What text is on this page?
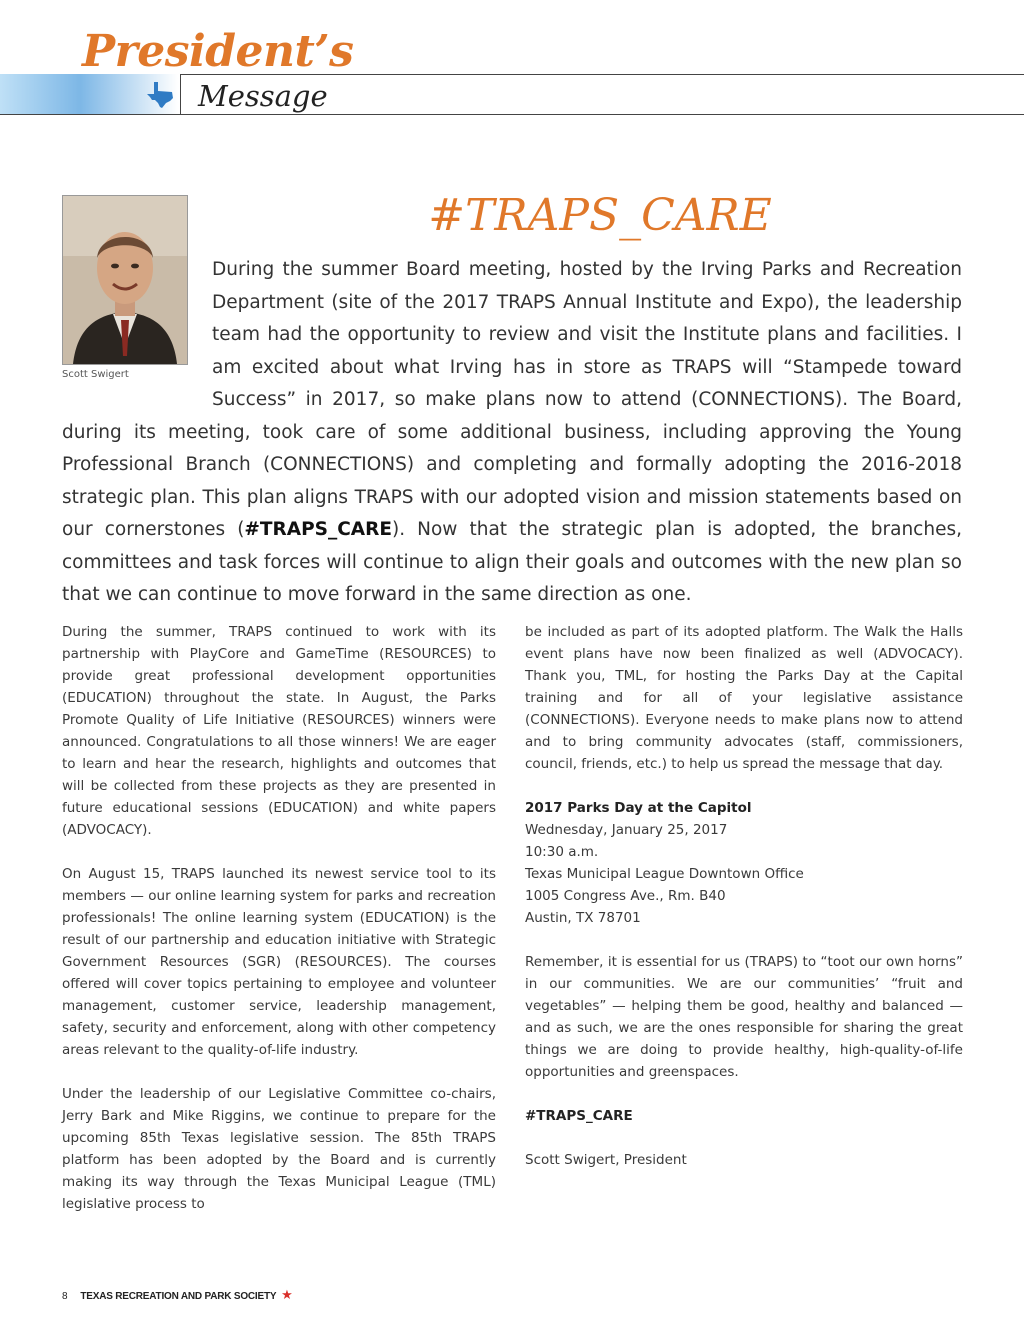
President’s
Message
Scott Swigert
#TRAPS_CARE

During the summer Board meeting, hosted by the Irving Parks and Recreation Department (site of the 2017 TRAPS Annual Institute and Expo), the leadership team had the opportunity to review and visit the Institute plans and facilities. I am excited about what Irving has in store as TRAPS will “Stampede toward Success” in 2017, so make plans now to attend (CONNECTIONS). The Board, during its meeting, took care of some additional business, including approving the Young Professional Branch (CONNECTIONS) and completing and formally adopting the 2016-2018 strategic plan. This plan aligns TRAPS with our adopted vision and mission statements based on our cornerstones (#TRAPS_CARE). Now that the strategic plan is adopted, the branches, committees and task forces will continue to align their goals and outcomes with the new plan so that we can continue to move forward in the same direction as one.

During the summer, TRAPS continued to work with its partnership with PlayCore and GameTime (RESOURCES) to provide great professional development opportunities (EDUCATION) throughout the state. In August, the Parks Promote Quality of Life Initiative (RESOURCES) winners were announced. Congratulations to all those winners! We are eager to learn and hear the research, highlights and outcomes that will be collected from these projects as they are presented in future educational sessions (EDUCATION) and white papers (ADVOCACY).

On August 15, TRAPS launched its newest service tool to its members — our online learning system for parks and recreation professionals! The online learning system (EDUCATION) is the result of our partnership and education initiative with Strategic Government Resources (SGR) (RESOURCES). The courses offered will cover topics pertaining to employee and volunteer management, customer service, leadership management, safety, security and enforcement, along with other competency areas relevant to the quality-of-life industry.

Under the leadership of our Legislative Committee co-chairs, Jerry Bark and Mike Riggins, we continue to prepare for the upcoming 85th Texas legislative session. The 85th TRAPS platform has been adopted by the Board and is currently making its way through the Texas Municipal League (TML) legislative process to

be included as part of its adopted platform. The Walk the Halls event plans have now been finalized as well (ADVOCACY). Thank you, TML, for hosting the Parks Day at the Capital training and for all of your legislative assistance (CONNECTIONS). Everyone needs to make plans now to attend and to bring community advocates (staff, commissioners, council, friends, etc.) to help us spread the message that day.

2017 Parks Day at the Capitol
Wednesday, January 25, 2017
10:30 a.m.
Texas Municipal League Downtown Office
1005 Congress Ave., Rm. B40

Austin, TX 78701

Remember, it is essential for us (TRAPS) to “toot our own horns” in our communities. We are our communities’ “fruit and vegetables” — helping them be good, healthy and balanced — and as such, we are the ones responsible for sharing the great things we are doing to provide healthy, high-quality-of-life opportunities and greenspaces.

#TRAPS_CARE

Scott Swigert, President

8 TEXAS RECREATION AND PARK SOCIETY ★
